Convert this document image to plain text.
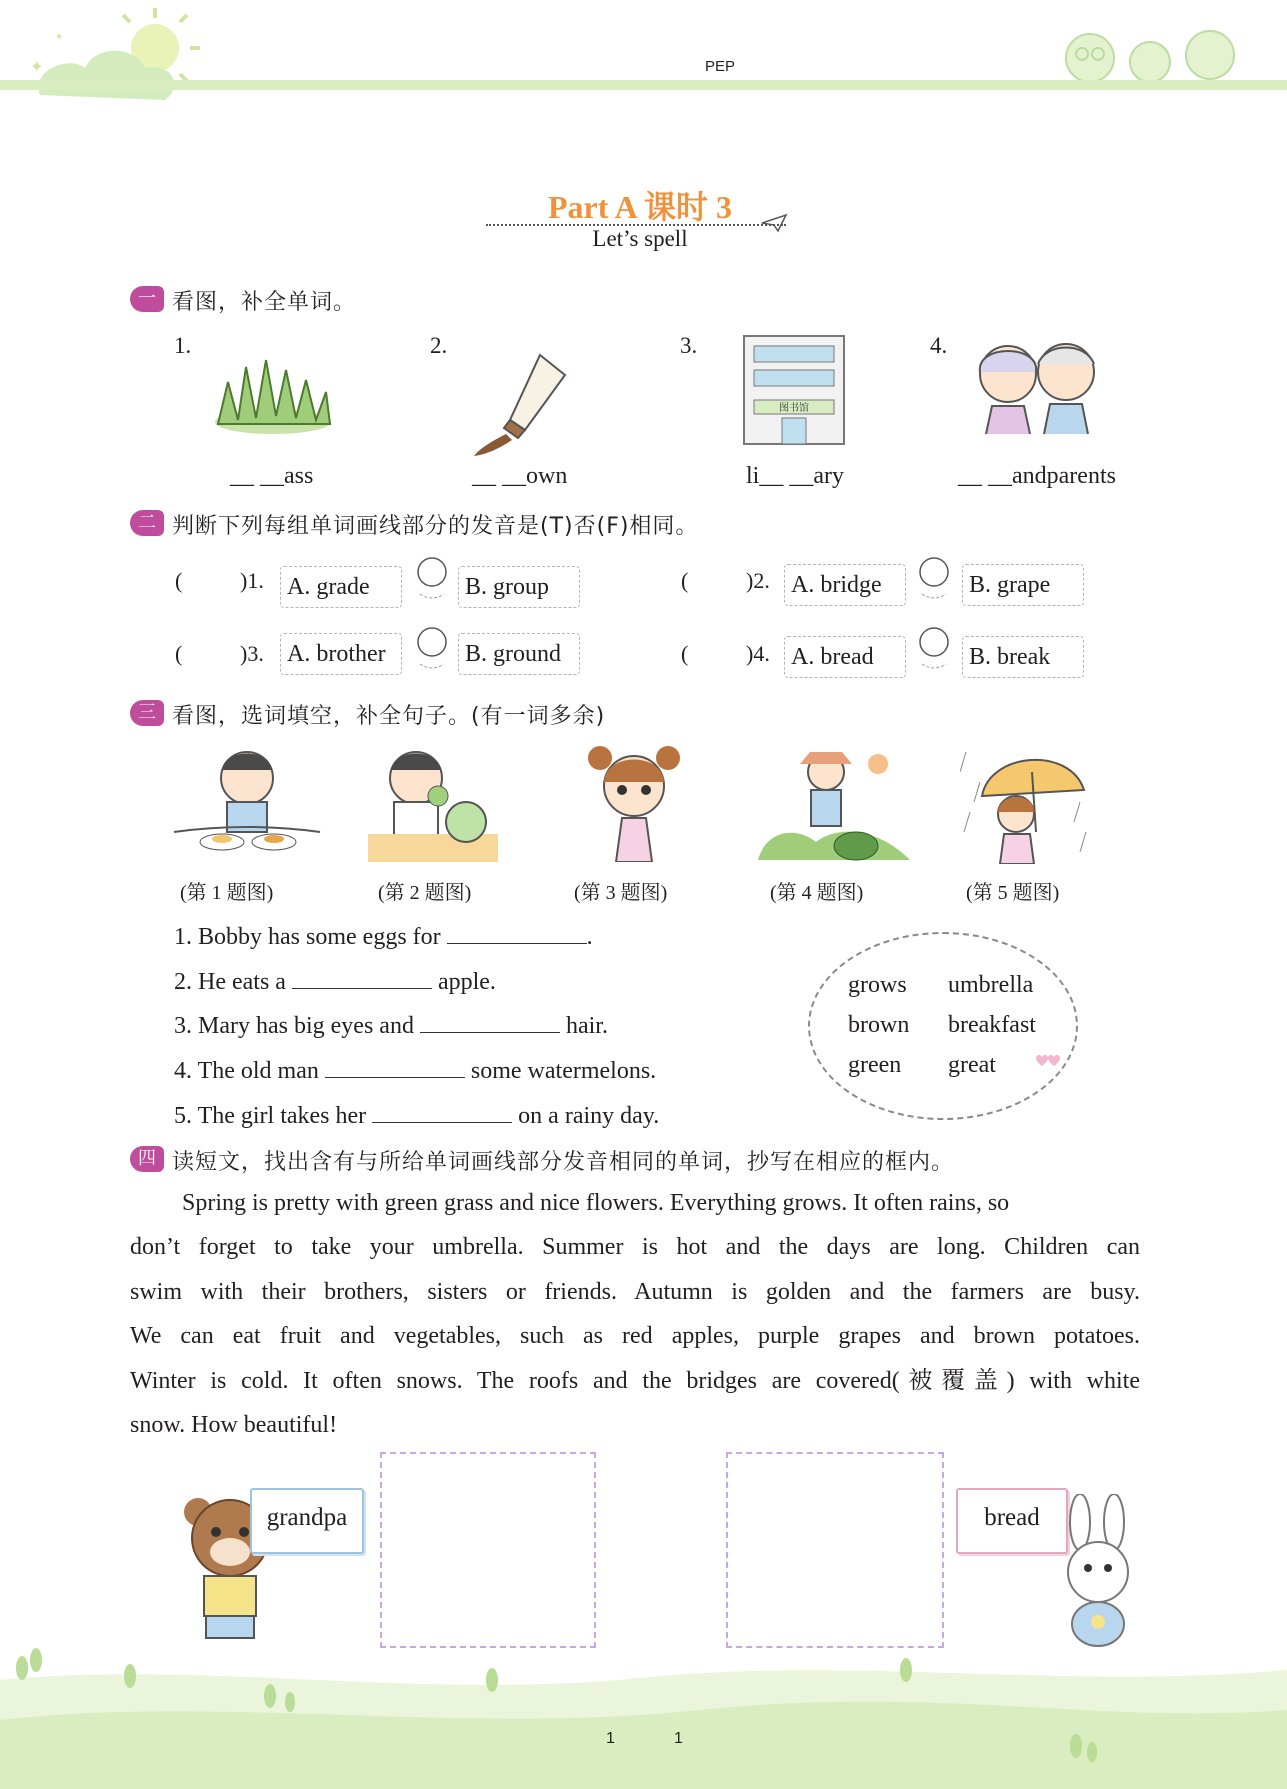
✦
✦
PEP
Part A 课时 3
Let’s spell
一 看图，补全单词。
1.	2.	3.	4.
图书馆
__ __ass	__ __own	li__ __ary	__ __andparents
二 判断下列每组单词画线部分的发音是(T)否(F)相同。
(	)1. A. grade	B. group	(	)2. A. bridge	B. grape
(	)3. A. brother	B. ground	(	)4. A. bread	B. break
三 看图，选词填空，补全句子。(有一词多余)
(第 1 题图)	(第 2 题图)	(第 3 题图)	(第 4 题图)	(第 5 题图)
1. Bobby has some eggs for	.
2. He eats a	apple.
3. Mary has big eyes and	hair.
4. The old man	some watermelons.
5. The girl takes her	on a rainy day.
grows umbrella
brown breakfast
green great
四 读短文，找出含有与所给单词画线部分发音相同的单词，抄写在相应的框内。
Spring is pretty with green grass and nice flowers. Everything grows. It often rains, so
don’t forget to take your umbrella. Summer is hot and the days are long. Children can
swim with their brothers, sisters or friends. Autumn is golden and the farmers are busy.
We can eat fruit and vegetables, such as red apples, purple grapes and brown potatoes.
Winter is cold. It often snows. The roofs and the bridges are covered(被覆盖) with white
snow. How beautiful!
grandpa	bread
1	1
